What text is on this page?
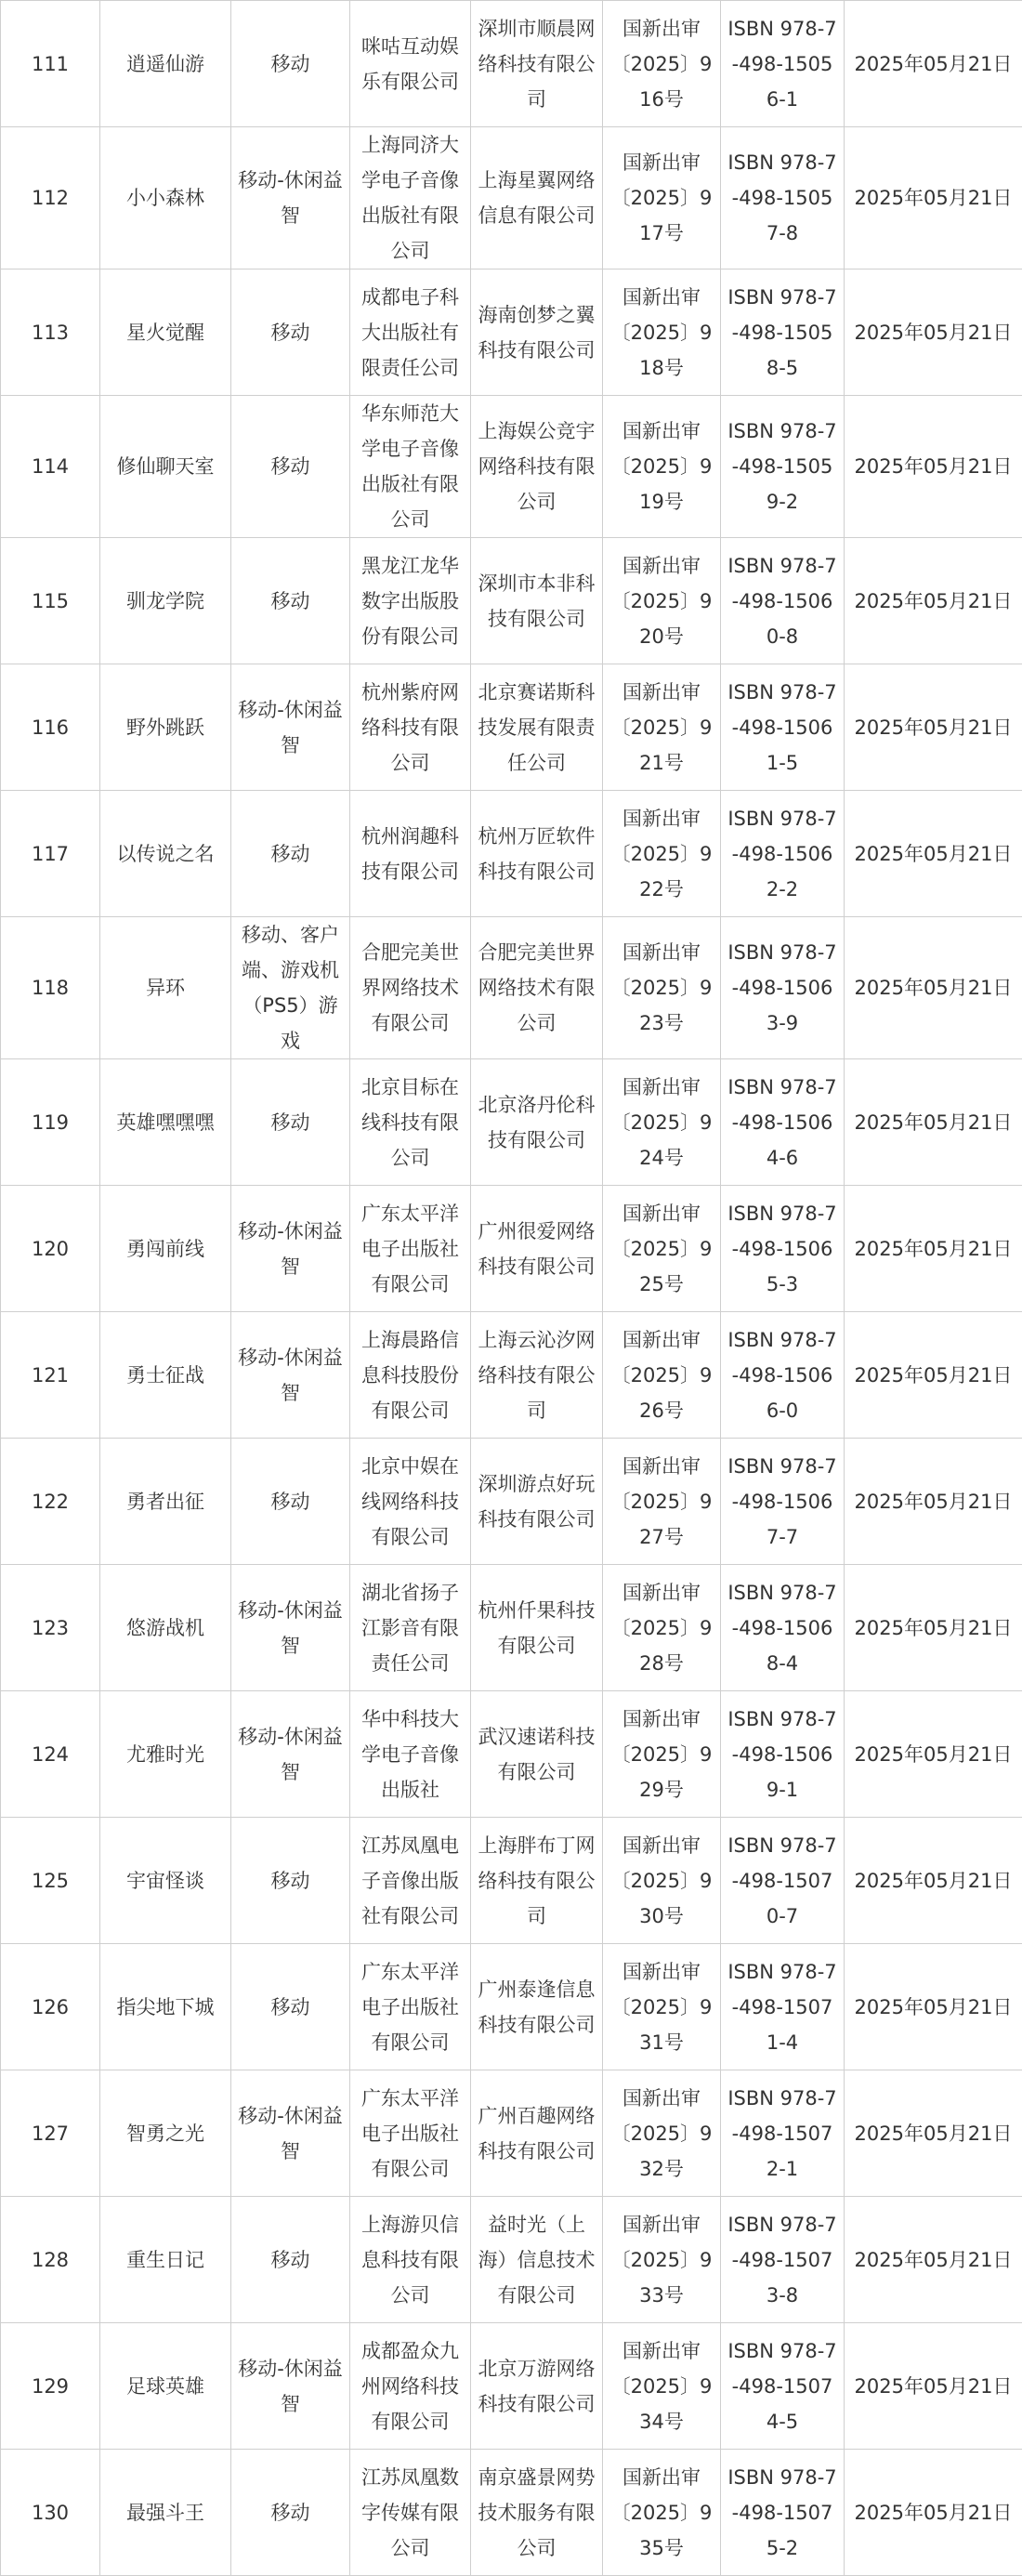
111	逍遥仙游	移动	咪咕互动娱乐有限公司	深圳市顺晨网络科技有限公司	国新出审〔2025〕916号	ISBN 978-7-498-15056-1	2025年05月21日
112	小小森林	移动-休闲益智	上海同济大学电子音像出版社有限公司	上海星翼网络信息有限公司	国新出审〔2025〕917号	ISBN 978-7-498-15057-8	2025年05月21日
113	星火觉醒	移动	成都电子科大出版社有限责任公司	海南创梦之翼科技有限公司	国新出审〔2025〕918号	ISBN 978-7-498-15058-5	2025年05月21日
114	修仙聊天室	移动	华东师范大学电子音像出版社有限公司	上海娱公竞宇网络科技有限公司	国新出审〔2025〕919号	ISBN 978-7-498-15059-2	2025年05月21日
115	驯龙学院	移动	黑龙江龙华数字出版股份有限公司	深圳市本非科技有限公司	国新出审〔2025〕920号	ISBN 978-7-498-15060-8	2025年05月21日
116	野外跳跃	移动-休闲益智	杭州紫府网络科技有限公司	北京赛诺斯科技发展有限责任公司	国新出审〔2025〕921号	ISBN 978-7-498-15061-5	2025年05月21日
117	以传说之名	移动	杭州润趣科技有限公司	杭州万匠软件科技有限公司	国新出审〔2025〕922号	ISBN 978-7-498-15062-2	2025年05月21日
118	异环	移动、客户端、游戏机（PS5）游戏	合肥完美世界网络技术有限公司	合肥完美世界网络技术有限公司	国新出审〔2025〕923号	ISBN 978-7-498-15063-9	2025年05月21日
119	英雄嘿嘿嘿	移动	北京目标在线科技有限公司	北京洛丹伦科技有限公司	国新出审〔2025〕924号	ISBN 978-7-498-15064-6	2025年05月21日
120	勇闯前线	移动-休闲益智	广东太平洋电子出版社有限公司	广州很爱网络科技有限公司	国新出审〔2025〕925号	ISBN 978-7-498-15065-3	2025年05月21日
121	勇士征战	移动-休闲益智	上海晨路信息科技股份有限公司	上海云沁汐网络科技有限公司	国新出审〔2025〕926号	ISBN 978-7-498-15066-0	2025年05月21日
122	勇者出征	移动	北京中娱在线网络科技有限公司	深圳游点好玩科技有限公司	国新出审〔2025〕927号	ISBN 978-7-498-15067-7	2025年05月21日
123	悠游战机	移动-休闲益智	湖北省扬子江影音有限责任公司	杭州仟果科技有限公司	国新出审〔2025〕928号	ISBN 978-7-498-15068-4	2025年05月21日
124	尤雅时光	移动-休闲益智	华中科技大学电子音像出版社	武汉速诺科技有限公司	国新出审〔2025〕929号	ISBN 978-7-498-15069-1	2025年05月21日
125	宇宙怪谈	移动	江苏凤凰电子音像出版社有限公司	上海胖布丁网络科技有限公司	国新出审〔2025〕930号	ISBN 978-7-498-15070-7	2025年05月21日
126	指尖地下城	移动	广东太平洋电子出版社有限公司	广州泰逢信息科技有限公司	国新出审〔2025〕931号	ISBN 978-7-498-15071-4	2025年05月21日
127	智勇之光	移动-休闲益智	广东太平洋电子出版社有限公司	广州百趣网络科技有限公司	国新出审〔2025〕932号	ISBN 978-7-498-15072-1	2025年05月21日
128	重生日记	移动	上海游贝信息科技有限公司	益时光（上海）信息技术有限公司	国新出审〔2025〕933号	ISBN 978-7-498-15073-8	2025年05月21日
129	足球英雄	移动-休闲益智	成都盈众九州网络科技有限公司	北京万游网络科技有限公司	国新出审〔2025〕934号	ISBN 978-7-498-15074-5	2025年05月21日
130	最强斗王	移动	江苏凤凰数字传媒有限公司	南京盛景网势技术服务有限公司	国新出审〔2025〕935号	ISBN 978-7-498-15075-2	2025年05月21日
